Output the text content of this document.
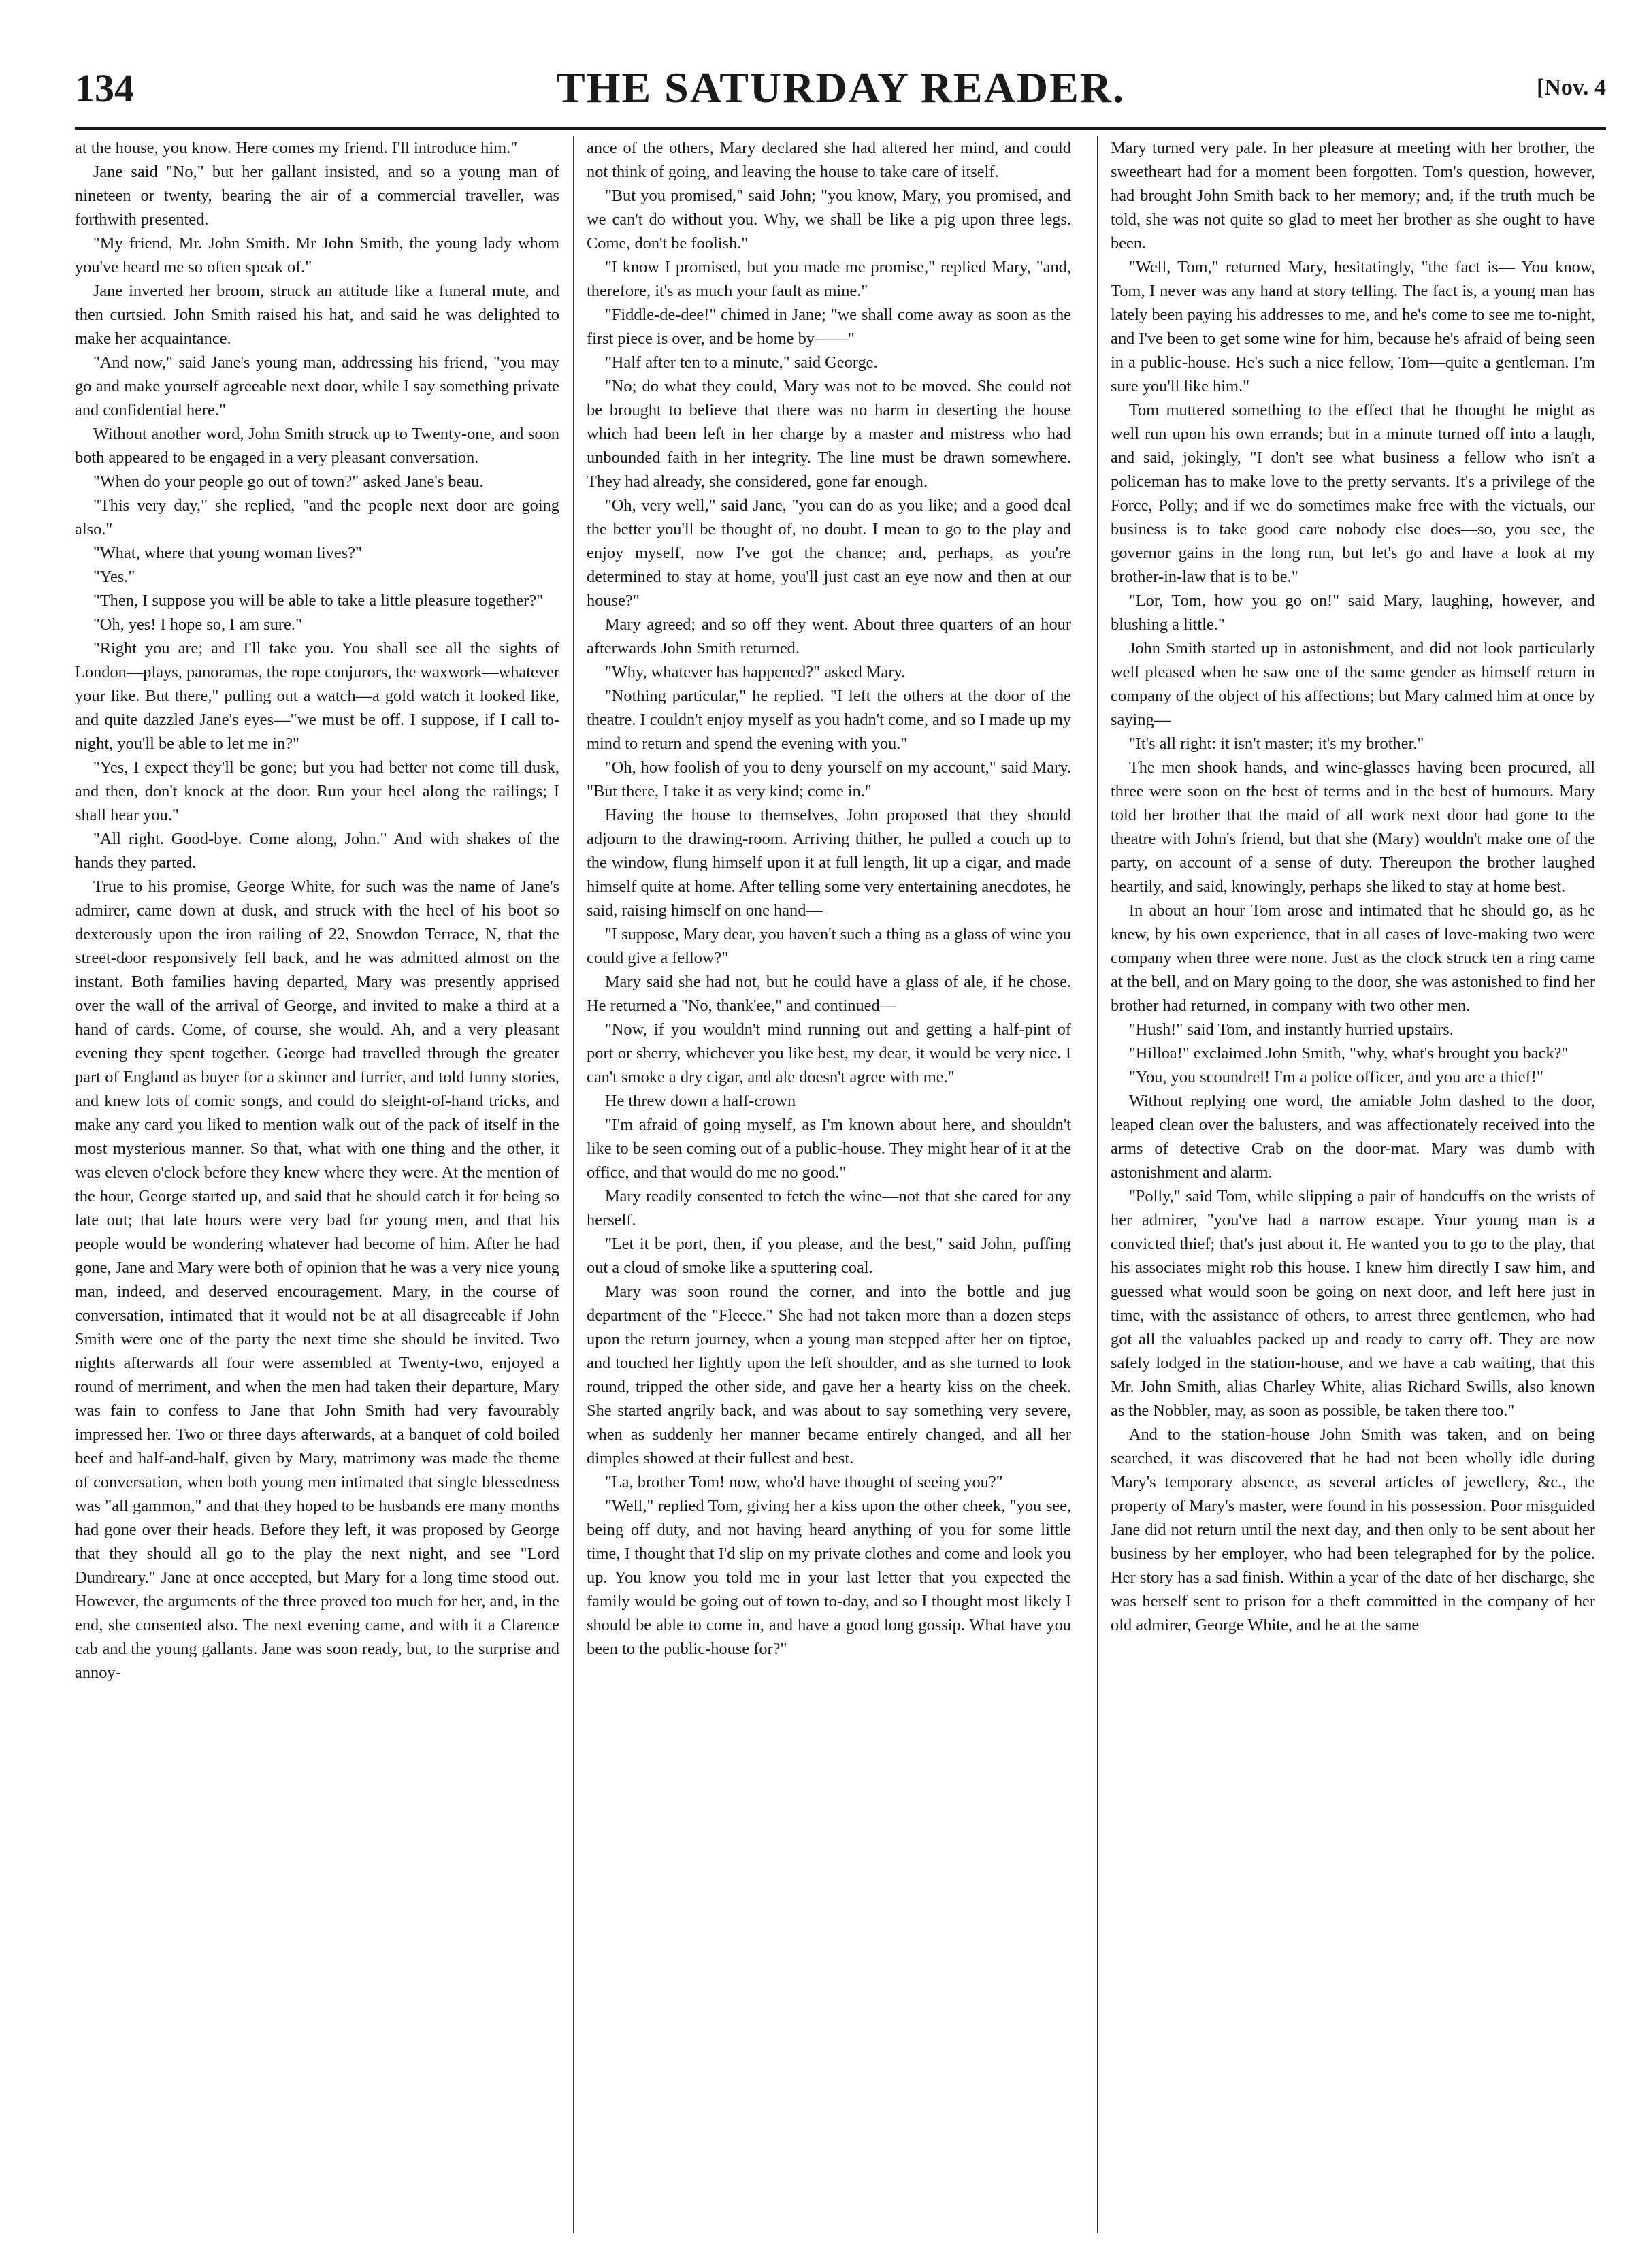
134	THE SATURDAY READER.	[Nov. 4

at the house, you know. Here comes my friend. I'll introduce him."

Jane said "No," but her gallant insisted, and so a young man of nineteen or twenty, bearing the air of a commercial traveller, was forthwith presented.

"My friend, Mr. John Smith. Mr John Smith, the young lady whom you've heard me so often speak of."

Jane inverted her broom, struck an attitude like a funeral mute, and then curtsied. John Smith raised his hat, and said he was delighted to make her acquaintance.

"And now," said Jane's young man, addressing his friend, "you may go and make yourself agreeable next door, while I say something private and confidential here."

Without another word, John Smith struck up to Twenty-one, and soon both appeared to be engaged in a very pleasant conversation.

"When do your people go out of town?" asked Jane's beau.

"This very day," she replied, "and the people next door are going also."

"What, where that young woman lives?"

"Yes."

"Then, I suppose you will be able to take a little pleasure together?"

"Oh, yes! I hope so, I am sure."

"Right you are; and I'll take you. You shall see all the sights of London—plays, panoramas, the rope conjurors, the waxwork—whatever your like. But there," pulling out a watch—a gold watch it looked like, and quite dazzled Jane's eyes—"we must be off. I suppose, if I call to-night, you'll be able to let me in?"

"Yes, I expect they'll be gone; but you had better not come till dusk, and then, don't knock at the door. Run your heel along the railings; I shall hear you."

"All right. Good-bye. Come along, John." And with shakes of the hands they parted.

True to his promise, George White, for such was the name of Jane's admirer, came down at dusk, and struck with the heel of his boot so dexterously upon the iron railing of 22, Snowdon Terrace, N, that the street-door responsively fell back, and he was admitted almost on the instant. Both families having departed, Mary was presently apprised over the wall of the arrival of George, and invited to make a third at a hand of cards. Come, of course, she would. Ah, and a very pleasant evening they spent together. George had travelled through the greater part of England as buyer for a skinner and furrier, and told funny stories, and knew lots of comic songs, and could do sleight-of-hand tricks, and make any card you liked to mention walk out of the pack of itself in the most mysterious manner. So that, what with one thing and the other, it was eleven o'clock before they knew where they were. At the mention of the hour, George started up, and said that he should catch it for being so late out; that late hours were very bad for young men, and that his people would be wondering whatever had become of him. After he had gone, Jane and Mary were both of opinion that he was a very nice young man, indeed, and deserved encouragement. Mary, in the course of conversation, intimated that it would not be at all disagreeable if John Smith were one of the party the next time she should be invited. Two nights afterwards all four were assembled at Twenty-two, enjoyed a round of merriment, and when the men had taken their departure, Mary was fain to confess to Jane that John Smith had very favourably impressed her. Two or three days afterwards, at a banquet of cold boiled beef and half-and-half, given by Mary, matrimony was made the theme of conversation, when both young men intimated that single blessedness was "all gammon," and that they hoped to be husbands ere many months had gone over their heads. Before they left, it was proposed by George that they should all go to the play the next night, and see "Lord Dundreary." Jane at once accepted, but Mary for a long time stood out. However, the arguments of the three proved too much for her, and, in the end, she consented also. The next evening came, and with it a Clarence cab and the young gallants. Jane was soon ready, but, to the surprise and annoy-

ance of the others, Mary declared she had altered her mind, and could not think of going, and leaving the house to take care of itself.

"But you promised," said John; "you know, Mary, you promised, and we can't do without you. Why, we shall be like a pig upon three legs. Come, don't be foolish."

"I know I promised, but you made me promise," replied Mary, "and, therefore, it's as much your fault as mine."

"Fiddle-de-dee!" chimed in Jane; "we shall come away as soon as the first piece is over, and be home by——"

"Half after ten to a minute," said George.

"No; do what they could, Mary was not to be moved. She could not be brought to believe that there was no harm in deserting the house which had been left in her charge by a master and mistress who had unbounded faith in her integrity. The line must be drawn somewhere. They had already, she considered, gone far enough.

"Oh, very well," said Jane, "you can do as you like; and a good deal the better you'll be thought of, no doubt. I mean to go to the play and enjoy myself, now I've got the chance; and, perhaps, as you're determined to stay at home, you'll just cast an eye now and then at our house?"

Mary agreed; and so off they went. About three quarters of an hour afterwards John Smith returned.

"Why, whatever has happened?" asked Mary.

"Nothing particular," he replied. "I left the others at the door of the theatre. I couldn't enjoy myself as you hadn't come, and so I made up my mind to return and spend the evening with you."

"Oh, how foolish of you to deny yourself on my account," said Mary. "But there, I take it as very kind; come in."

Having the house to themselves, John proposed that they should adjourn to the drawing-room. Arriving thither, he pulled a couch up to the window, flung himself upon it at full length, lit up a cigar, and made himself quite at home. After telling some very entertaining anecdotes, he said, raising himself on one hand—

"I suppose, Mary dear, you haven't such a thing as a glass of wine you could give a fellow?"

Mary said she had not, but he could have a glass of ale, if he chose. He returned a "No, thank'ee," and continued—

"Now, if you wouldn't mind running out and getting a half-pint of port or sherry, whichever you like best, my dear, it would be very nice. I can't smoke a dry cigar, and ale doesn't agree with me."

He threw down a half-crown

"I'm afraid of going myself, as I'm known about here, and shouldn't like to be seen coming out of a public-house. They might hear of it at the office, and that would do me no good."

Mary readily consented to fetch the wine—not that she cared for any herself.

"Let it be port, then, if you please, and the best," said John, puffing out a cloud of smoke like a sputtering coal.

Mary was soon round the corner, and into the bottle and jug department of the "Fleece." She had not taken more than a dozen steps upon the return journey, when a young man stepped after her on tiptoe, and touched her lightly upon the left shoulder, and as she turned to look round, tripped the other side, and gave her a hearty kiss on the cheek. She started angrily back, and was about to say something very severe, when as suddenly her manner became entirely changed, and all her dimples showed at their fullest and best.

"La, brother Tom! now, who'd have thought of seeing you?"

"Well," replied Tom, giving her a kiss upon the other cheek, "you see, being off duty, and not having heard anything of you for some little time, I thought that I'd slip on my private clothes and come and look you up. You know you told me in your last letter that you expected the family would be going out of town to-day, and so I thought most likely I should be able to come in, and have a good long gossip. What have you been to the public-house for?"

Mary turned very pale. In her pleasure at meeting with her brother, the sweetheart had for a moment been forgotten. Tom's question, however, had brought John Smith back to her memory; and, if the truth much be told, she was not quite so glad to meet her brother as she ought to have been.

"Well, Tom," returned Mary, hesitatingly, "the fact is— You know, Tom, I never was any hand at story telling. The fact is, a young man has lately been paying his addresses to me, and he's come to see me to-night, and I've been to get some wine for him, because he's afraid of being seen in a public-house. He's such a nice fellow, Tom—quite a gentleman. I'm sure you'll like him."

Tom muttered something to the effect that he thought he might as well run upon his own errands; but in a minute turned off into a laugh, and said, jokingly, "I don't see what business a fellow who isn't a policeman has to make love to the pretty servants. It's a privilege of the Force, Polly; and if we do sometimes make free with the victuals, our business is to take good care nobody else does—so, you see, the governor gains in the long run, but let's go and have a look at my brother-in-law that is to be."

"Lor, Tom, how you go on!" said Mary, laughing, however, and blushing a little."

John Smith started up in astonishment, and did not look particularly well pleased when he saw one of the same gender as himself return in company of the object of his affections; but Mary calmed him at once by saying—

"It's all right: it isn't master; it's my brother."

The men shook hands, and wine-glasses having been procured, all three were soon on the best of terms and in the best of humours. Mary told her brother that the maid of all work next door had gone to the theatre with John's friend, but that she (Mary) wouldn't make one of the party, on account of a sense of duty. Thereupon the brother laughed heartily, and said, knowingly, perhaps she liked to stay at home best.

In about an hour Tom arose and intimated that he should go, as he knew, by his own experience, that in all cases of love-making two were company when three were none. Just as the clock struck ten a ring came at the bell, and on Mary going to the door, she was astonished to find her brother had returned, in company with two other men.

"Hush!" said Tom, and instantly hurried upstairs.

"Hilloa!" exclaimed John Smith, "why, what's brought you back?"

"You, you scoundrel! I'm a police officer, and you are a thief!"

Without replying one word, the amiable John dashed to the door, leaped clean over the balusters, and was affectionately received into the arms of detective Crab on the door-mat. Mary was dumb with astonishment and alarm.

"Polly," said Tom, while slipping a pair of handcuffs on the wrists of her admirer, "you've had a narrow escape. Your young man is a convicted thief; that's just about it. He wanted you to go to the play, that his associates might rob this house. I knew him directly I saw him, and guessed what would soon be going on next door, and left here just in time, with the assistance of others, to arrest three gentlemen, who had got all the valuables packed up and ready to carry off. They are now safely lodged in the station-house, and we have a cab waiting, that this Mr. John Smith, alias Charley White, alias Richard Swills, also known as the Nobbler, may, as soon as possible, be taken there too."

And to the station-house John Smith was taken, and on being searched, it was discovered that he had not been wholly idle during Mary's temporary absence, as several articles of jewellery, &c., the property of Mary's master, were found in his possession. Poor misguided Jane did not return until the next day, and then only to be sent about her business by her employer, who had been telegraphed for by the police. Her story has a sad finish. Within a year of the date of her discharge, she was herself sent to prison for a theft committed in the company of her old admirer, George White, and he at the same
